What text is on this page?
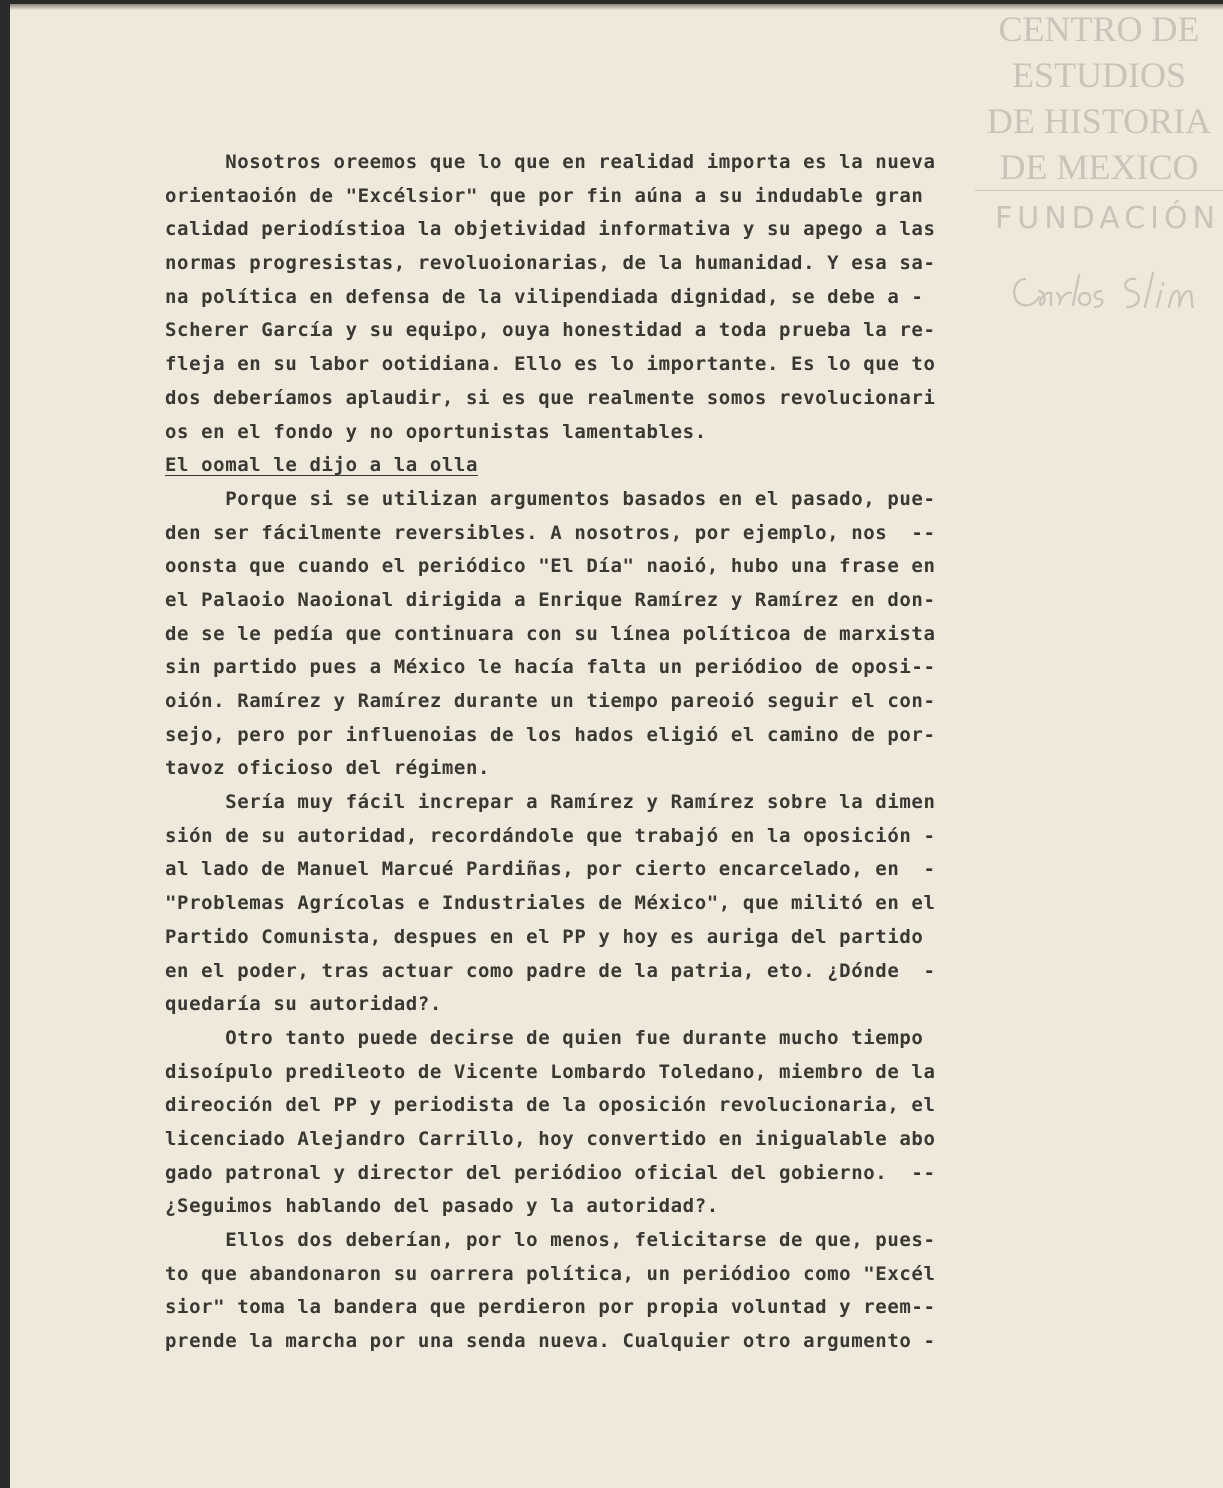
CENTRO DE
ESTUDIOS
DE HISTORIA
DE MEXICO
FUNDACIÓN
Nosotros oreemos que lo que en realidad importa es la nueva
orientaoión de "Excélsior" que por fin aúna a su indudable gran
calidad periodístioa la objetividad informativa y su apego a las
normas progresistas, revoluoionarias, de la humanidad. Y esa sa-
na política en defensa de la vilipendiada dignidad, se debe a -
Scherer García y su equipo, ouya honestidad a toda prueba la re-
fleja en su labor ootidiana. Ello es lo importante. Es lo que to
dos deberíamos aplaudir, si es que realmente somos revolucionari
os en el fondo y no oportunistas lamentables.
El oomal le dijo a la olla
Porque si se utilizan argumentos basados en el pasado, pue-
den ser fácilmente reversibles. A nosotros, por ejemplo, nos  --
oonsta que cuando el periódico "El Día" naoió, hubo una frase en
el Palaoio Naoional dirigida a Enrique Ramírez y Ramírez en don-
de se le pedía que continuara con su línea políticoa de marxista
sin partido pues a México le hacía falta un periódioo de oposi--
oión. Ramírez y Ramírez durante un tiempo pareoió seguir el con-
sejo, pero por influenoias de los hados eligió el camino de por-
tavoz oficioso del régimen.
Sería muy fácil increpar a Ramírez y Ramírez sobre la dimen
sión de su autoridad, recordándole que trabajó en la oposición -
al lado de Manuel Marcué Pardiñas, por cierto encarcelado, en  -
"Problemas Agrícolas e Industriales de México", que militó en el
Partido Comunista, despues en el PP y hoy es auriga del partido
en el poder, tras actuar como padre de la patria, eto. ¿Dónde  -
quedaría su autoridad?.
Otro tanto puede decirse de quien fue durante mucho tiempo
disoípulo predileoto de Vicente Lombardo Toledano, miembro de la
direoción del PP y periodista de la oposición revolucionaria, el
licenciado Alejandro Carrillo, hoy convertido en inigualable abo
gado patronal y director del periódioo oficial del gobierno.  --
¿Seguimos hablando del pasado y la autoridad?.
Ellos dos deberían, por lo menos, felicitarse de que, pues-
to que abandonaron su oarrera política, un periódioo como "Excél
sior" toma la bandera que perdieron por propia voluntad y reem--
prende la marcha por una senda nueva. Cualquier otro argumento -
